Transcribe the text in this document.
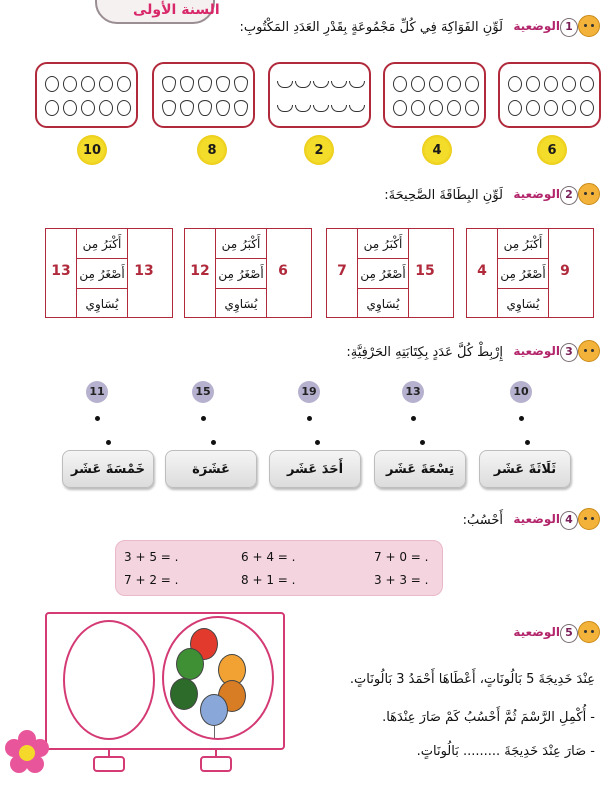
السنة الأولى
الوضعية 1
لَوِّنِ الفَوَاكِهَ فِي كُلِّ مَجْمُوعَةٍ بِقَدْرِ العَدَدِ المَكْتُوبِ:
10	8	2	4	6
الوضعية 2
لَوِّنِ البِطَاقَةَ الصَّحِيحَةَ:
13
أَكْبَرُ مِن
أَصْغَرُ مِن
يُسَاوِي
13	12
أَكْبَرُ مِن
أَصْغَرُ مِن
يُسَاوِي
6	7
أَكْبَرُ مِن
أَصْغَرُ مِن
يُسَاوِي
15	4
أَكْبَرُ مِن
أَصْغَرُ مِن
يُسَاوِي
9
الوضعية 3
إِرْبِطْ كُلَّ عَدَدٍ بِكِتَابَتِهِ الحَرْفِيَّةِ:
11	15	19	13	10
خَمْسَةَ عَشَر	عَشَرَة	أَحَدَ عَشَر	تِسْعَةَ عَشَر	ثَلَاثَةَ عَشَر
الوضعية 4
أَحْسُبُ:
3 + 5 = .	6 + 4 = .	7 + 0 = .
7 + 2 = .	8 + 1 = .	3 + 3 = .
الوضعية 5
عِنْدَ خَدِيجَةَ 5 بَالُونَاتٍ، أَعْطَاهَا أَحْمَدُ 3 بَالُونَاتٍ.
- أُكْمِلِ الرَّسْمَ ثُمَّ أَحْسُبُ كَمْ صَارَ عِنْدَهَا.
- صَارَ عِنْدَ خَدِيجَةَ ......... بَالُونَاتٍ.
